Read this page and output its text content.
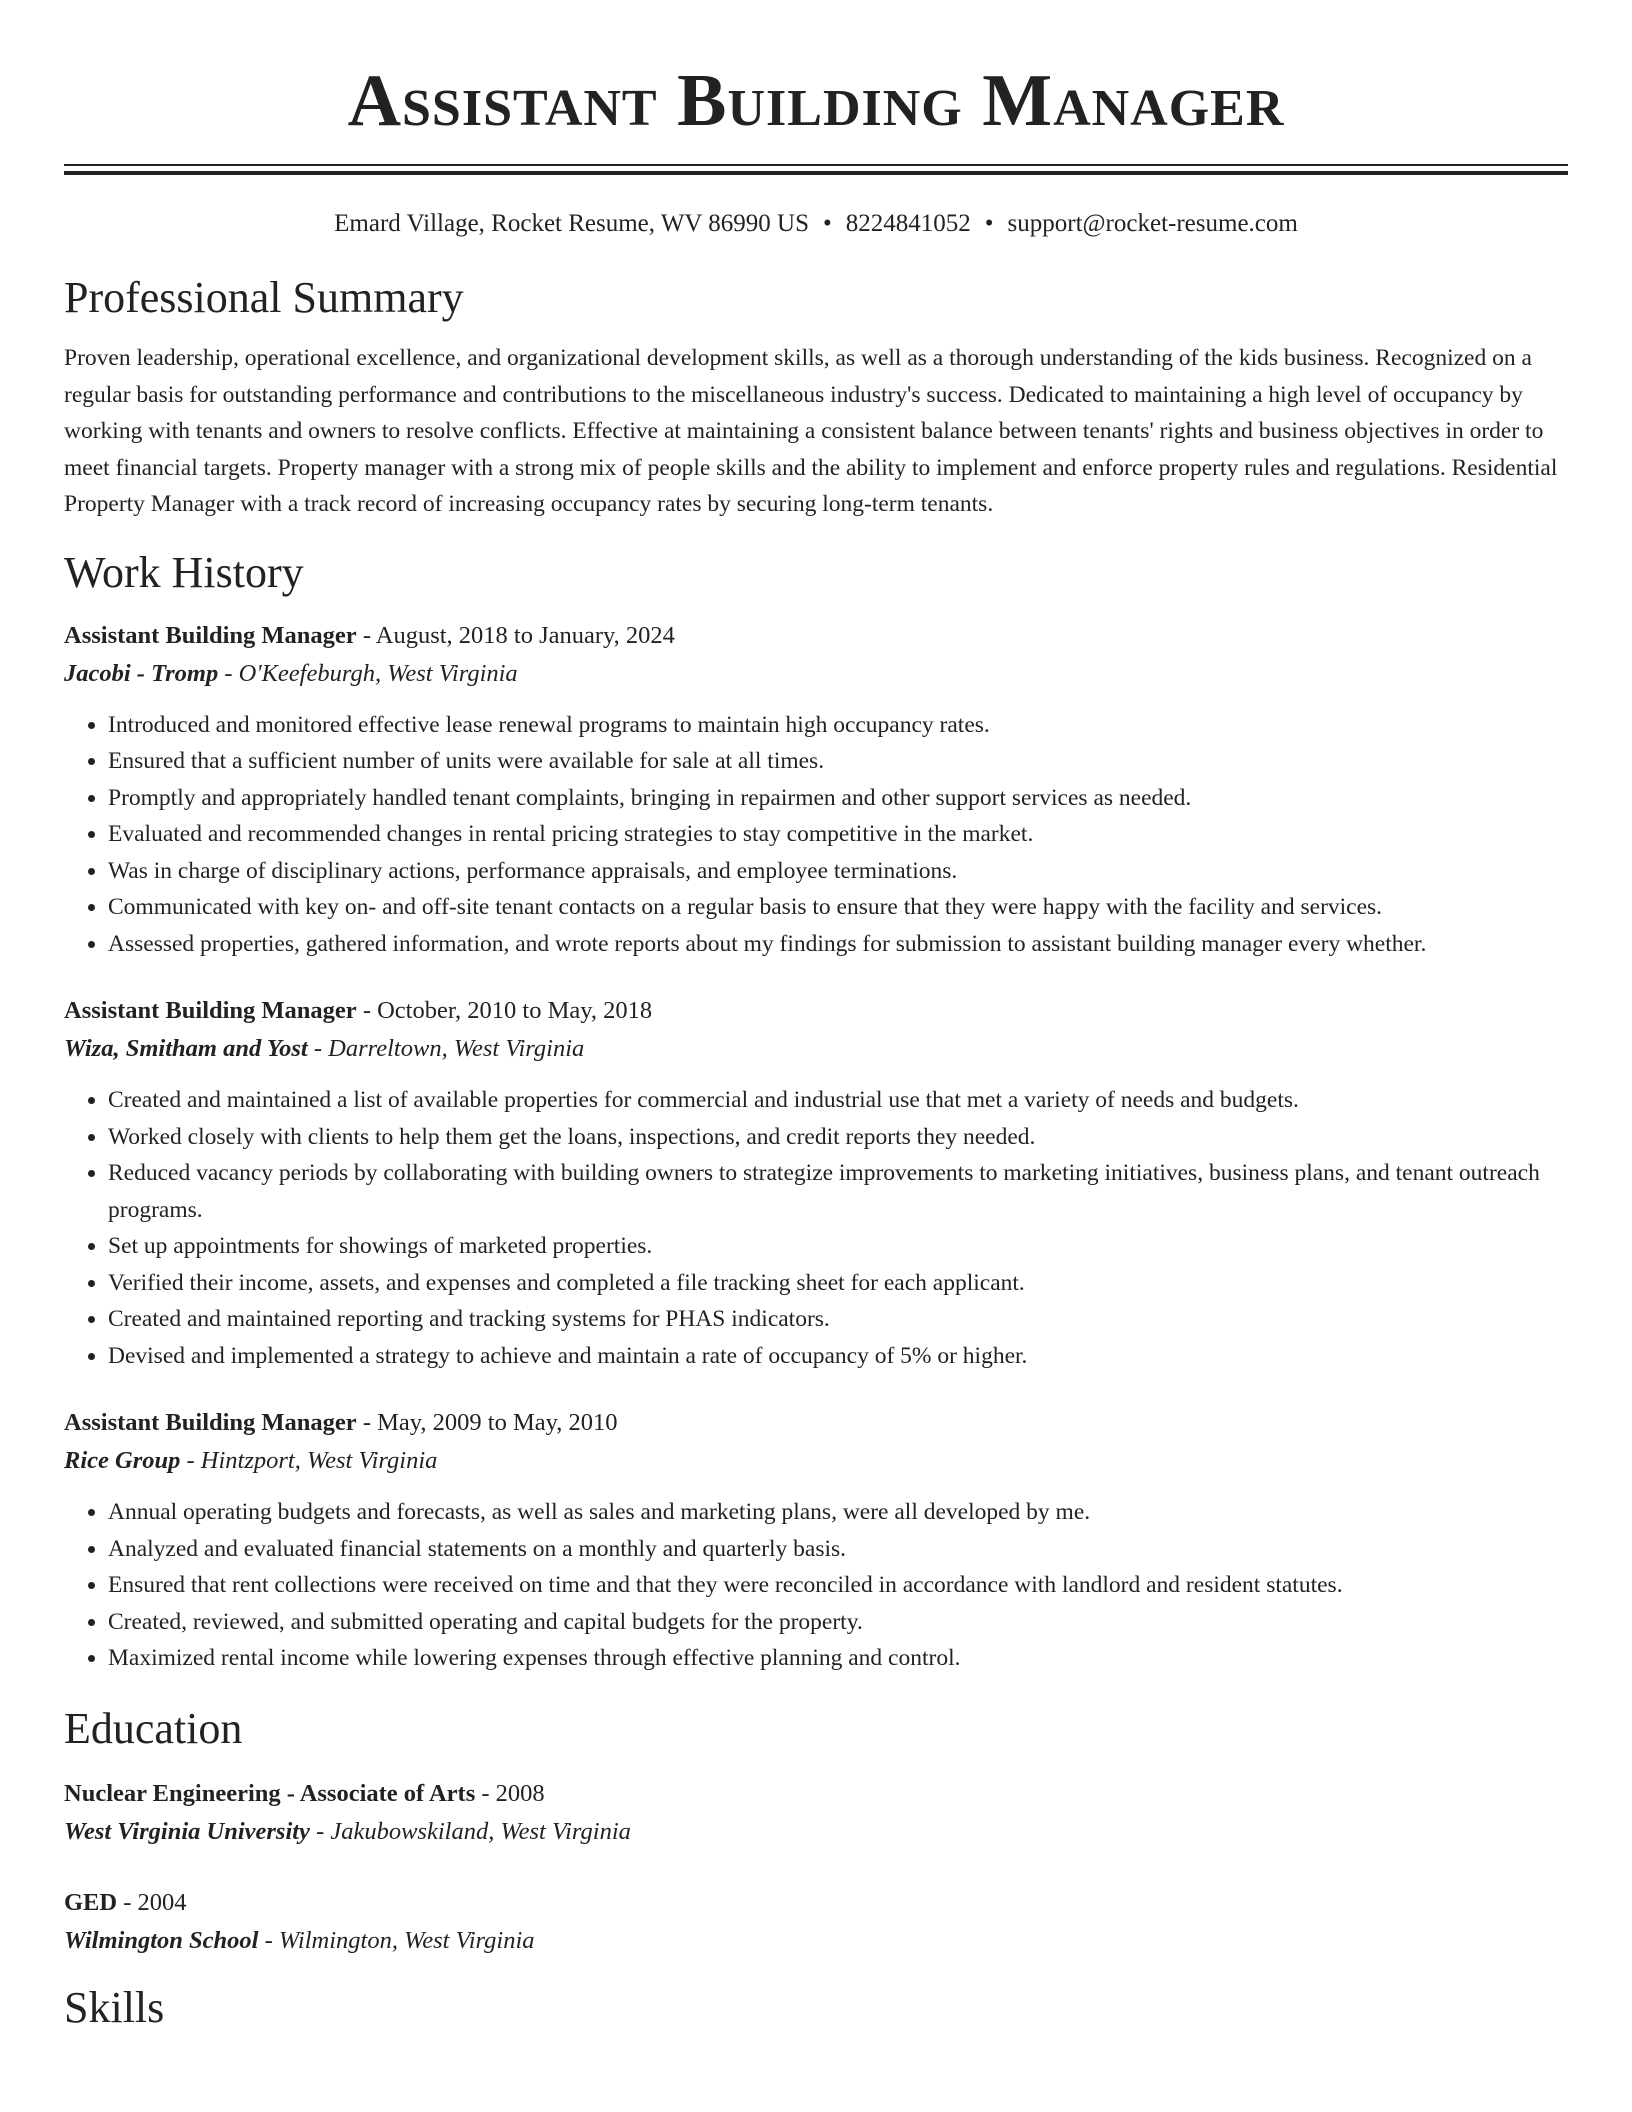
Assistant Building Manager
Emard Village, Rocket Resume, WV 86990 US • 8224841052 • support@rocket-resume.com
Professional Summary
Proven leadership, operational excellence, and organizational development skills, as well as a thorough understanding of the kids business. Recognized on a regular basis for outstanding performance and contributions to the miscellaneous industry's success. Dedicated to maintaining a high level of occupancy by working with tenants and owners to resolve conflicts. Effective at maintaining a consistent balance between tenants' rights and business objectives in order to meet financial targets. Property manager with a strong mix of people skills and the ability to implement and enforce property rules and regulations. Residential Property Manager with a track record of increasing occupancy rates by securing long-term tenants.
Work History
Assistant Building Manager - August, 2018 to January, 2024
Jacobi - Tromp - O'Keefeburgh, West Virginia
• Introduced and monitored effective lease renewal programs to maintain high occupancy rates.
• Ensured that a sufficient number of units were available for sale at all times.
• Promptly and appropriately handled tenant complaints, bringing in repairmen and other support services as needed.
• Evaluated and recommended changes in rental pricing strategies to stay competitive in the market.
• Was in charge of disciplinary actions, performance appraisals, and employee terminations.
• Communicated with key on- and off-site tenant contacts on a regular basis to ensure that they were happy with the facility and services.
• Assessed properties, gathered information, and wrote reports about my findings for submission to assistant building manager every whether.
Assistant Building Manager - October, 2010 to May, 2018
Wiza, Smitham and Yost - Darreltown, West Virginia
• Created and maintained a list of available properties for commercial and industrial use that met a variety of needs and budgets.
• Worked closely with clients to help them get the loans, inspections, and credit reports they needed.
• Reduced vacancy periods by collaborating with building owners to strategize improvements to marketing initiatives, business plans, and tenant outreach programs.
• Set up appointments for showings of marketed properties.
• Verified their income, assets, and expenses and completed a file tracking sheet for each applicant.
• Created and maintained reporting and tracking systems for PHAS indicators.
• Devised and implemented a strategy to achieve and maintain a rate of occupancy of 5% or higher.
Assistant Building Manager - May, 2009 to May, 2010
Rice Group - Hintzport, West Virginia
• Annual operating budgets and forecasts, as well as sales and marketing plans, were all developed by me.
• Analyzed and evaluated financial statements on a monthly and quarterly basis.
• Ensured that rent collections were received on time and that they were reconciled in accordance with landlord and resident statutes.
• Created, reviewed, and submitted operating and capital budgets for the property.
• Maximized rental income while lowering expenses through effective planning and control.
Education
Nuclear Engineering - Associate of Arts - 2008
West Virginia University - Jakubowskiland, West Virginia
GED - 2004
Wilmington School - Wilmington, West Virginia
Skills
